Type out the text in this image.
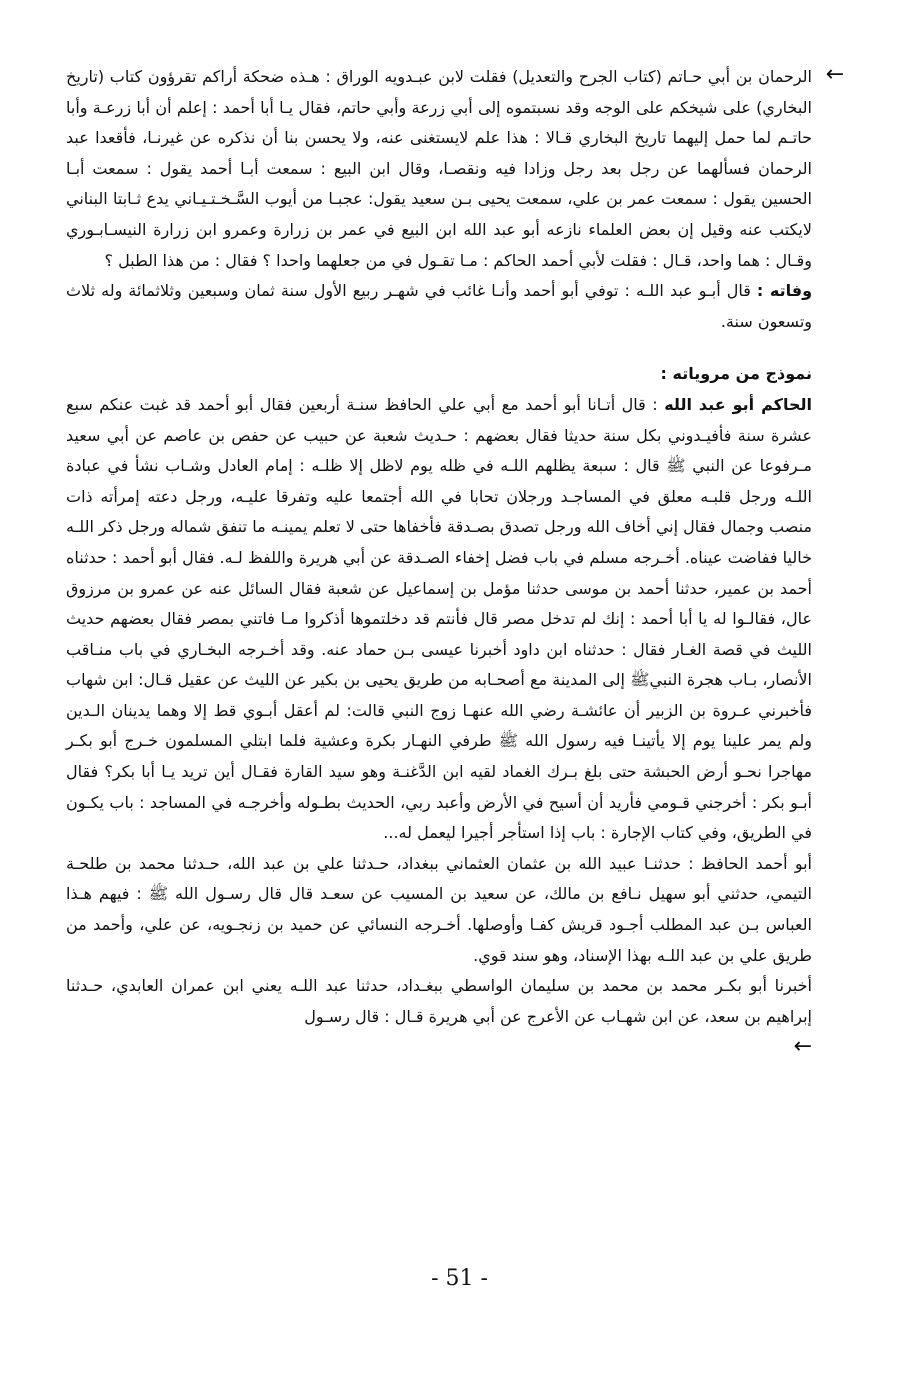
←

الرحمان بن أبي حـاتم (كتاب الجرح والتعديل) فقلت لابن عبـدويه الوراق : هـذه ضحكة أراكم تقرؤون كتاب (تاريخ البخاري) على شيخكم على الوجه وقد نسبتموه إلى أبي زرعة وأبي حاتم، فقال يـا أبا أحمد : إعلم أن أبا زرعـة وأبا حاتـم لما حمل إليهما تاريخ البخاري قـالا : هذا علم لايستغنى عنه، ولا يحسن بنا أن نذكره عن غيرنـا، فأقعدا عبد الرحمان فسألهما عن رجل بعد رجل وزادا فيه ونقصـا، وقال ابن البيع : سمعت أبـا أحمد يقول : سمعت أبـا الحسين يقول : سمعت عمر بن علي، سمعت يحيى بـن سعيد يقول: عجبـا من أيوب السَّـخـتـيـاني يدع ثـابتا البناني لايكتب عنه وقيل إن بعض العلماء نازعه أبو عبد الله ابن البيع في عمر بن زرارة وعمرو ابن زرارة النيسـابـوري وقـال : هما واحد، قـال : فقلت لأبي أحمد الحاكم : مـا تقـول في من جعلهما واحدا ؟ فقال : من هذا الطبل ؟

وفاته : قال أبـو عبد اللـه : توفي أبو أحمد وأنـا غائب في شهـر ربيع الأول سنة ثمان وسبعين وثلاثمائة وله ثلاث وتسعون سنة.

نموذج من مروياته :

الحاكم أبو عبد الله : قال أتـانا أبو أحمد مع أبي علي الحافظ سنـة أربعين فقال أبو أحمد قد غبت عنكم سبع عشرة سنة فأفيـدوني بكل سنة حديثا فقال بعضهم : حـديث شعبة عن حبيب عن حفص بن عاصم عن أبي سعيد مـرفوعا عن النبي ﷺ قال : سبعة يظلهم اللـه في ظله يوم لاظل إلا ظلـه : إمام العادل وشـاب نشأ في عبادة اللـه ورجل قلبـه معلق في المساجـد ورجلان تحابا في الله أجتمعا عليه وتفرقا عليـه، ورجل دعته إمرأته ذات منصب وجمال فقال إني أخاف الله ورجل تصدق بصـدقة فأخفاها حتى لا تعلم يمينـه ما تنفق شماله ورجل ذكر اللـه خاليا ففاضت عيناه. أخـرجه مسلم في باب فضل إخفاء الصـدقة عن أبي هريرة واللفظ لـه. فقال أبو أحمد : حدثناه أحمد بن عمير، حدثنا أحمد بن موسى حدثنا مؤمل بن إسماعيل عن شعبة فقال السائل عنه عن عمرو بن مرزوق عال، فقالـوا له يا أبا أحمد : إنك لم تدخل مصر قال فأنتم قد دخلتموها أذكروا مـا فاتني بمصر فقال بعضهم حديث الليث في قصة الغـار فقال : حدثناه ابن داود أخبرنا عيسى بـن حماد عنه. وقد أخـرجه البخـاري في باب منـاقب الأنصار، بـاب هجرة النبيﷺ إلى المدينة مع أصحـابه من طريق يحيى بن بكير عن الليث عن عقيل قـال: ابن شهاب فأخبرني عـروة بن الزبير أن عائشـة رضي الله عنهـا زوج النبي قالت: لم أعقل أبـوي قط إلا وهما يدينان الـدين ولم يمر علينا يوم إلا يأتينـا فيه رسول الله ﷺ طرفي النهـار بكرة وعشية فلما ابتلي المسلمون خـرج أبو بكـر مهاجرا نحـو أرض الحبشة حتى بلغ بـرك الغماد لقيه ابن الدَّغنـة وهو سيد القارة فقـال أين تريد يـا أبا بكر؟ فقال أبـو بكر : أخرجني قـومي فأريد أن أسيح في الأرض وأعبد ربي، الحديث بطـوله وأخرجـه في المساجد : باب يكـون في الطريق، وفي كتاب الإجارة : باب إذا استأجر أجيرا ليعمل له...

أبو أحمد الحافظ : حدثنـا عبيد الله بن عثمان العثماني ببغداد، حـدثنا علي بن عبد الله، حـدثنا محمد بن طلحـة التيمي، حدثني أبو سهيل نـافع بن مالك، عن سعيد بن المسيب عن سعـد قال قال رسـول الله ﷺ : فيهم هـذا العباس بـن عبد المطلب أجـود قريش كفـا وأوصلها. أخـرجه النسائي عن حميد بن زنجـويه، عن علي، وأحمد من طريق علي بن عبد اللـه بهذا الإسناد، وهو سند قوي.

أخبرنا أبو بكـر محمد بن محمد بن سليمان الواسطي ببغـداد، حدثنا عبد اللـه يعني ابن عمران العابدي، حـدثنا إبراهيم بن سعد، عن ابن شهـاب عن الأعرج عن أبي هريرة قـال : قال رسـول

←
- 51 -
